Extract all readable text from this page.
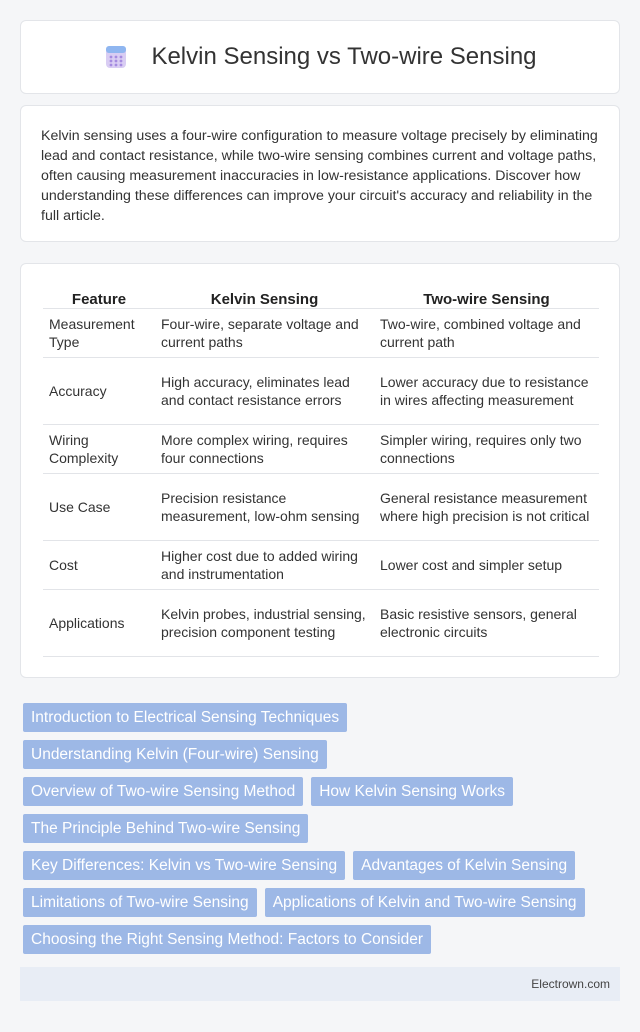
Kelvin Sensing vs Two-wire Sensing

Kelvin sensing uses a four-wire configuration to measure voltage precisely by eliminating lead and contact resistance, while two-wire sensing combines current and voltage paths, often causing measurement inaccuracies in low-resistance applications. Discover how understanding these differences can improve your circuit's accuracy and reliability in the full article.

Feature	Kelvin Sensing	Two-wire Sensing
Measurement Type	Four-wire, separate voltage and current paths	Two-wire, combined voltage and current path
Accuracy	High accuracy, eliminates lead and contact resistance errors	Lower accuracy due to resistance in wires affecting measurement
Wiring Complexity	More complex wiring, requires four connections	Simpler wiring, requires only two connections
Use Case	Precision resistance measurement, low-ohm sensing	General resistance measurement where high precision is not critical
Cost	Higher cost due to added wiring and instrumentation	Lower cost and simpler setup
Applications	Kelvin probes, industrial sensing, precision component testing	Basic resistive sensors, general electronic circuits
Introduction to Electrical Sensing Techniques
Understanding Kelvin (Four-wire) Sensing
Overview of Two-wire Sensing Method	How Kelvin Sensing Works
The Principle Behind Two-wire Sensing
Key Differences: Kelvin vs Two-wire Sensing	Advantages of Kelvin Sensing
Limitations of Two-wire Sensing	Applications of Kelvin and Two-wire Sensing
Choosing the Right Sensing Method: Factors to Consider
Electrown.com
